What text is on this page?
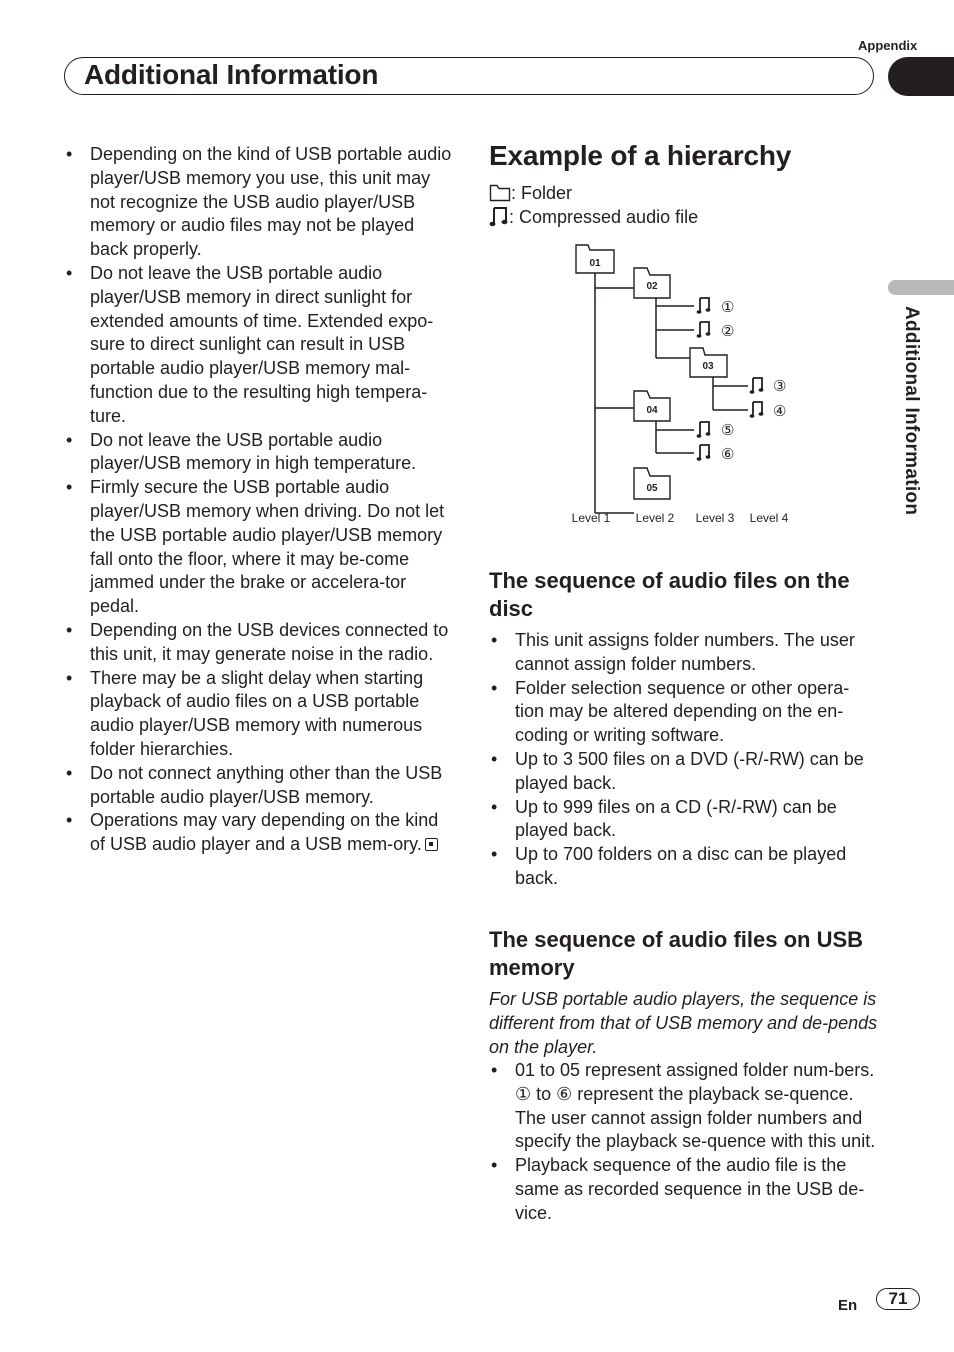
Appendix
Additional Information
Additional Information
• Depending on the kind of USB portable audio player/USB memory you use, this unit may not recognize the USB audio player/USB memory or audio files may not be played back properly.
• Do not leave the USB portable audio player/USB memory in direct sunlight for extended amounts of time. Extended expo-sure to direct sunlight can result in USB portable audio player/USB memory mal-function due to the resulting high tempera-ture.
• Do not leave the USB portable audio player/USB memory in high temperature.
• Firmly secure the USB portable audio player/USB memory when driving. Do not let the USB portable audio player/USB memory fall onto the floor, where it may be-come jammed under the brake or accelera-tor pedal.
• Depending on the USB devices connected to this unit, it may generate noise in the radio.
• There may be a slight delay when starting playback of audio files on a USB portable audio player/USB memory with numerous folder hierarchies.
• Do not connect anything other than the USB portable audio player/USB memory.
• Operations may vary depending on the kind of USB audio player and a USB mem-ory.
Example of a hierarchy
: Folder
: Compressed audio file
01
02
03
04
05
①
②
③
④
⑤
⑥
Level 1 Level 2 Level 3 Level 4
The sequence of audio files on the disc
• This unit assigns folder numbers. The user cannot assign folder numbers.
• Folder selection sequence or other opera-tion may be altered depending on the en-coding or writing software.
• Up to 3 500 files on a DVD (-R/-RW) can be played back.
• Up to 999 files on a CD (-R/-RW) can be played back.
• Up to 700 folders on a disc can be played back.
The sequence of audio files on USB memory
For USB portable audio players, the sequence is different from that of USB memory and de-pends on the player.
• 01 to 05 represent assigned folder num-bers. ① to ⑥ represent the playback se-quence. The user cannot assign folder numbers and specify the playback se-quence with this unit.
• Playback sequence of the audio file is the same as recorded sequence in the USB de-vice.
En	71
